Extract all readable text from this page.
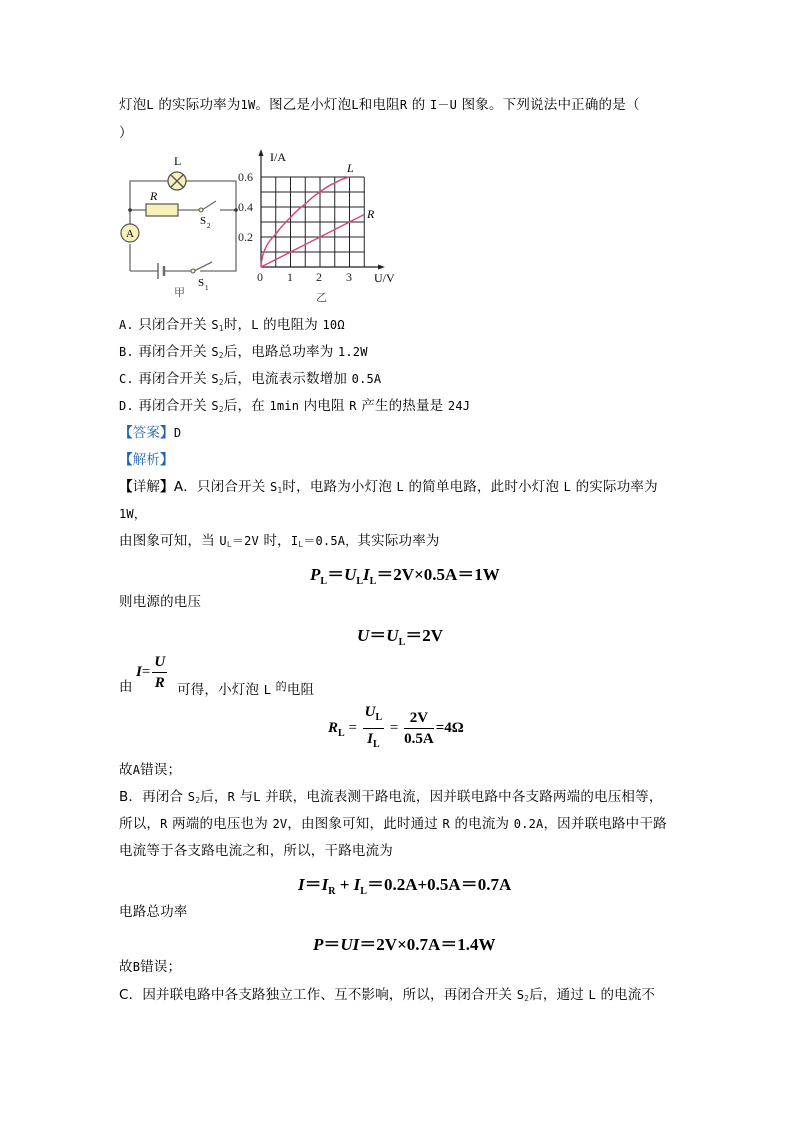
灯泡L 的实际功率为1W。图乙是小灯泡L和电阻R 的 I－U 图象。下列说法中正确的是（
）
L
R
A
S 2
S 1
甲
I/A
U/V
0.6
0.4
0.2
0 1 2 3
L
R
乙
A. 只闭合开关 $S_1$时，L 的电阻为 10Ω
B. 再闭合开关 $S_2$后，电路总功率为 1.2W
C. 再闭合开关 $S_2$后，电流表示数增加 0.5A
D. 再闭合开关 $S_2$后，在 1min 内电阻 R 产生的热量是 24J
【答案】D
【解析】
【详解】A．只闭合开关 $S_1$时，电路为小灯泡 L 的简单电路，此时小灯泡 L 的实际功率为
1W，
由图象可知，当 $U_L=2V$ 时，$I_L=0.5A$，其实际功率为
$P_L=U_LI_L=2V\times 0.5A=1W$
则电源的电压
$U=U_L=2V$
由
$I= \frac{U}{R}$ 可得，小灯泡 L $^的$电阻
$R_L = \frac{U_L}{I_L} = \frac{2V}{0.5A} =4\Omega$
故A错误；
B．再闭合 $S_2$后，R 与L 并联，电流表测干路电流，因并联电路中各支路两端的电压相等，
所以，R 两端的电压也为 2V，由图象可知，此时通过 R 的电流为 0.2A，因并联电路中干路
电流等于各支路电流之和，所以，干路电流为
$I=I_R + I_L=0.2A+0.5A=0.7A$
电路总功率
P＝UI＝2V×0.7A＝1.4W
故B错误；
C．因并联电路中各支路独立工作、互不影响，所以，再闭合开关 $S_2$后，通过 L 的电流不
